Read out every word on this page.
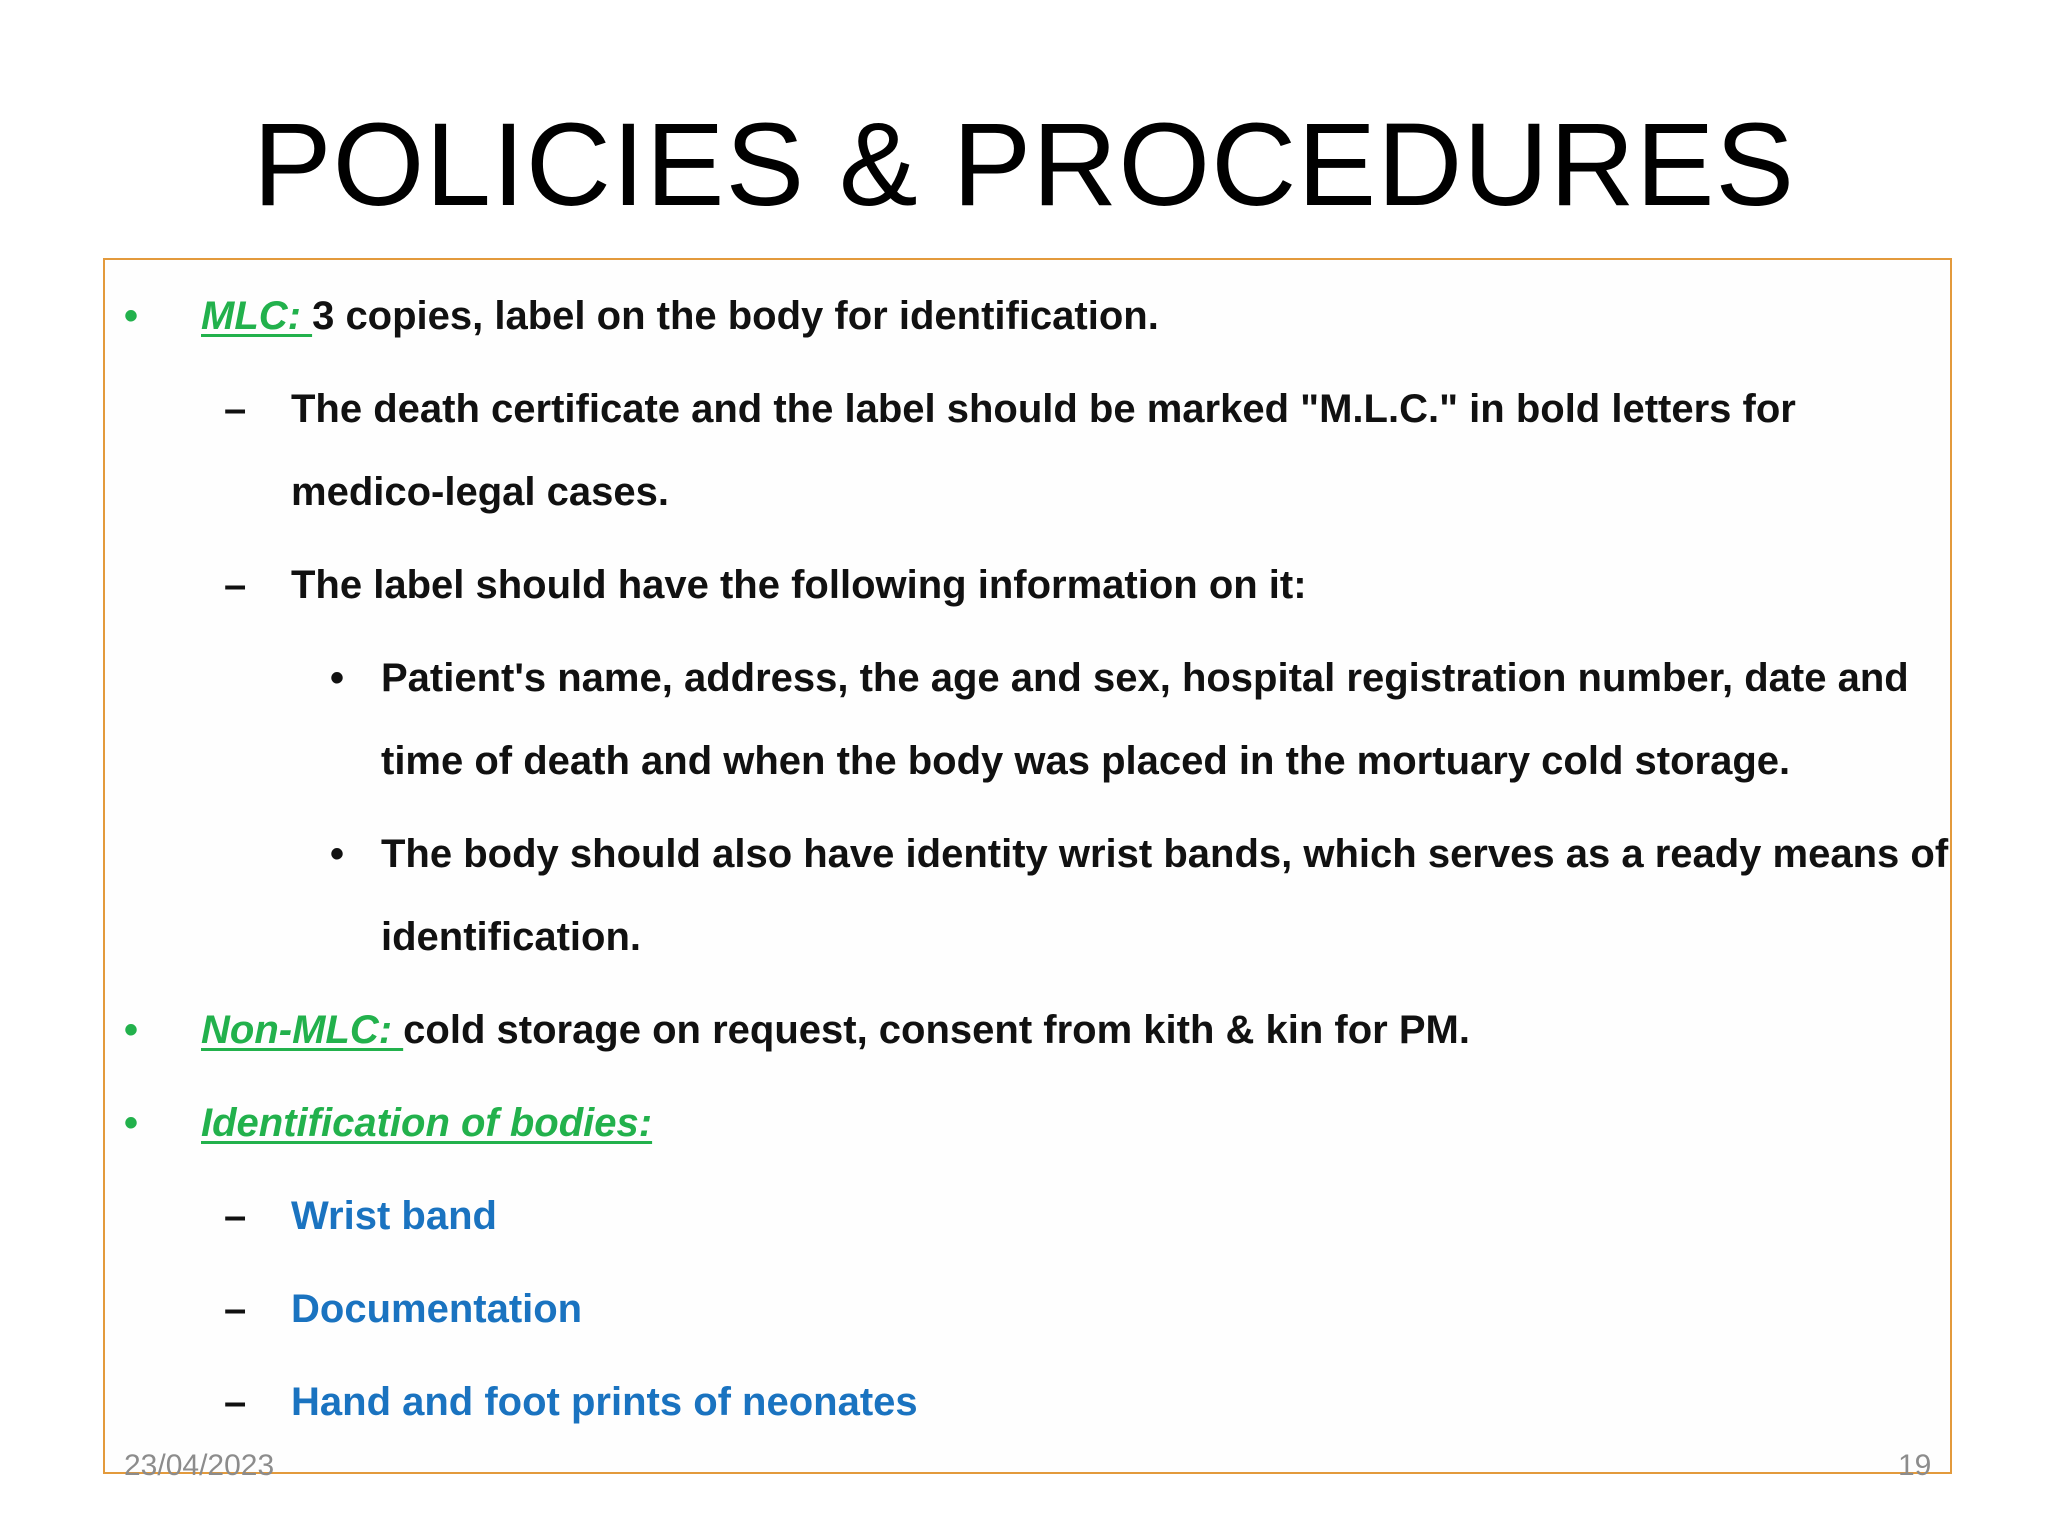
POLICIES & PROCEDURES
• MLC: 3 copies, label on the body for identification.
– The death certificate and the label should be marked "M.L.C." in bold letters for
medico-legal cases.
– The label should have the following information on it:
• Patient's name, address, the age and sex, hospital registration number, date and
time of death and when the body was placed in the mortuary cold storage.
• The body should also have identity wrist bands, which serves as a ready means of
identification.
• Non-MLC: cold storage on request, consent from kith & kin for PM.
• Identification of bodies:
– Wrist band
– Documentation
– Hand and foot prints of neonates
23/04/2023	19
